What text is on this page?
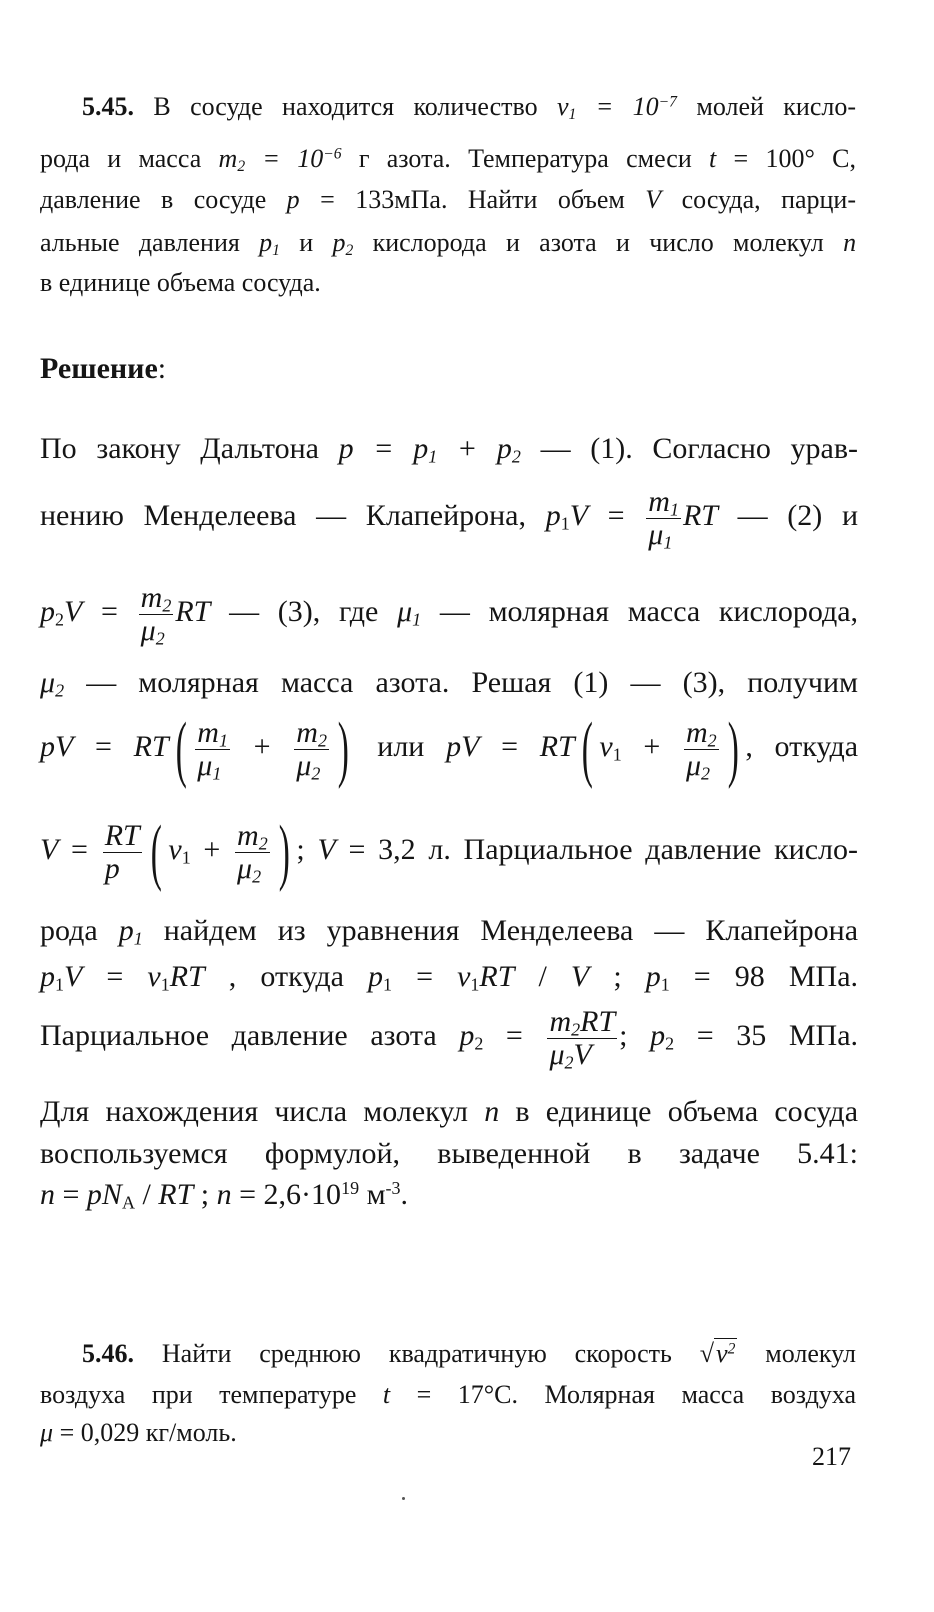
5.45. В сосуде находится количество $\nu_1 = 10^{-7}$ молей кисло-
рода и масса $m_2 = 10^{-6}$ г азота. Температура смеси t = 100° C,
давление в сосуде p = 133мПа. Найти объем V сосуда, парци-
альные давления $p_1$ и $p_2$ кислорода и азота и число молекул n
в единице объема сосуда.
Решение:
По закону Дальтона $p = p_1 + p_2$ — (1). Согласно урав-
нению Менделеева — Клапейрона, $p_1V = \frac{m_1}{\mu_1}$ RT — (2) и
$p_2V = \frac{m_2}{\mu_2}$ RT — (3), где $\mu_1$ — молярная масса кислорода,
$\mu_2$ — молярная масса азота. Решая (1) — (3), получим
pV = $RT( \frac{m_1}{\mu_1} + \frac{m_2}{\mu_2}$ ) или pV = RT( $\nu_1 + \frac{m_2}{\mu_2}$ ) , откуда
$V = \frac{RT}{p}$ ( $\nu_1 + \frac{m_2}{\mu_2}$ ) ; V = 3,2 л. Парциальное давление кисло-
рода $p_1$ найдем из уравнения Менделеева — Клапейрона
$p_1V = \nu_1RT$ , откуда $p_1 = \nu_1RT / V$ ; $p_1 = 98$ МПа.
Парциальное давление азота $p_2 = \frac{m_2RT}{\mu_2V}$ ; $p_2 = 35$ МПа.
Для нахождения числа молекул n в единице объема сосуда
воспользуемся формулой, выведенной в задаче 5.41:
$n = pN_A$ / RT ; $n = 2,6\cdot 10^{19}$ $м^{-3}$.
5.46. Найти среднюю квадратичную скорость $√v^2$ молекул
воздуха при температуре t = 17°С. Молярная масса воздуха
μ = 0,029 кг/моль.
217
